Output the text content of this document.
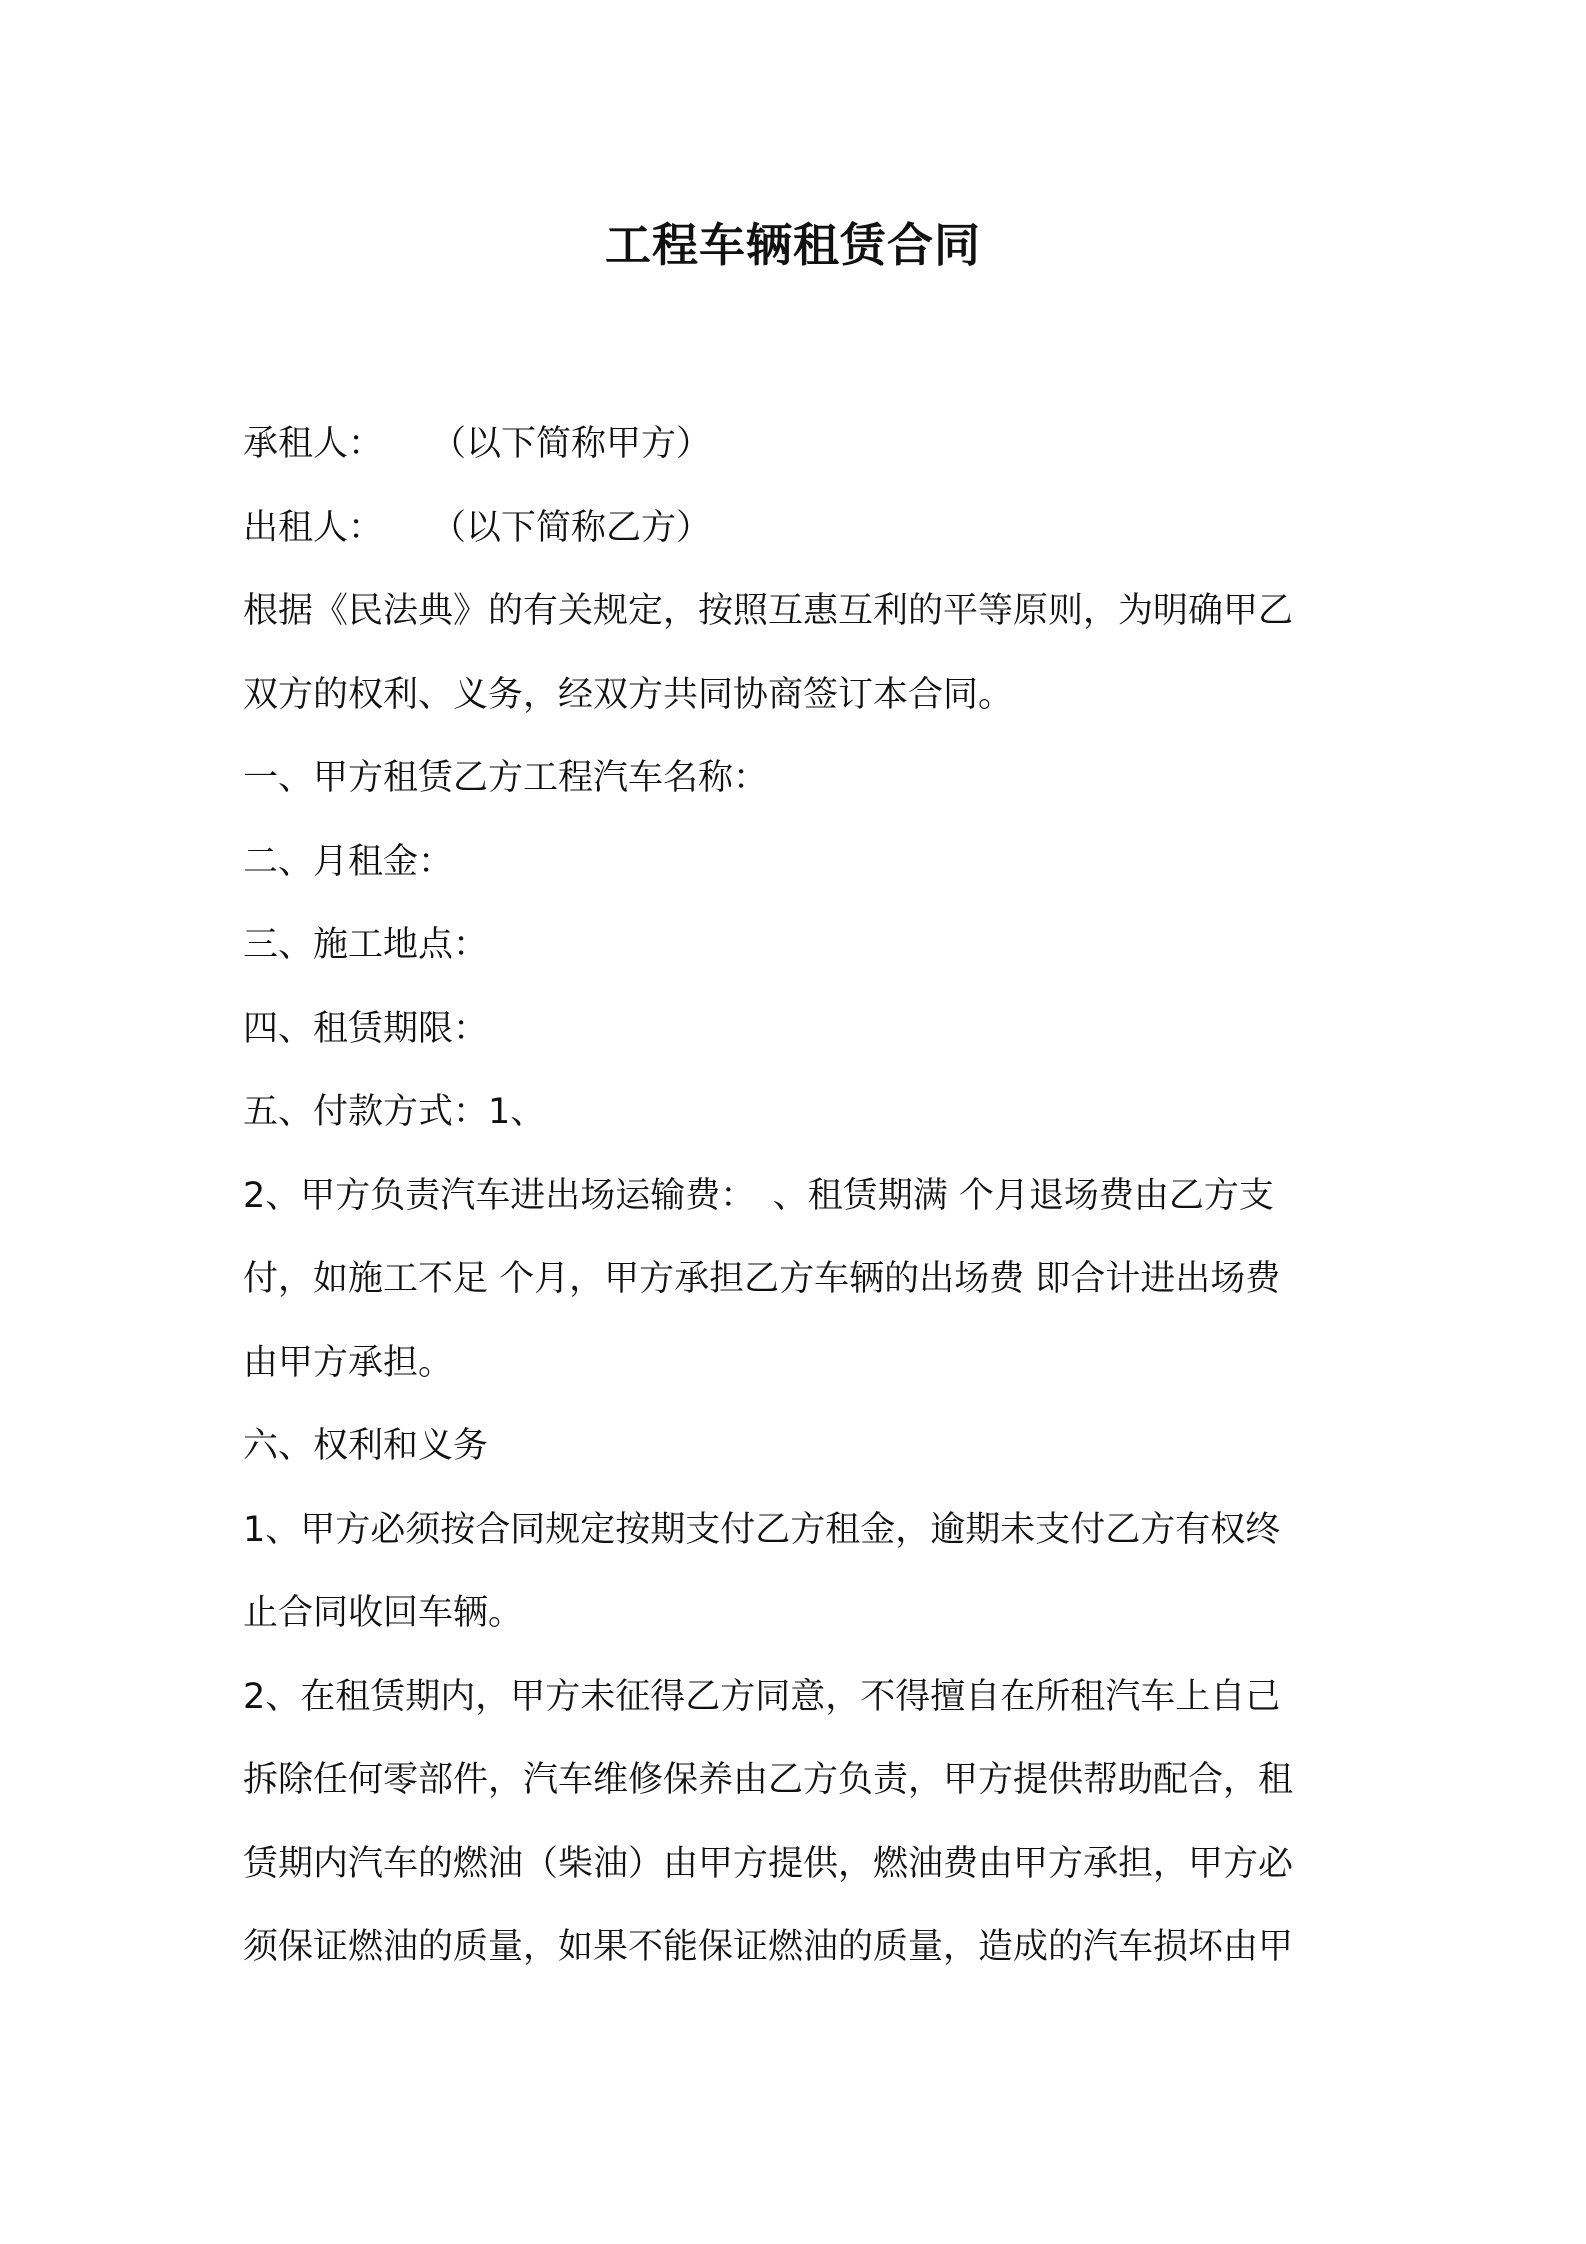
工程车辆租赁合同
承租人： （以下简称甲方）
出租人： （以下简称乙方）
根据《民法典》的有关规定，按照互惠互利的平等原则，为明确甲乙
双方的权利、义务，经双方共同协商签订本合同。
一、甲方租赁乙方工程汽车名称：
二、月租金：
三、施工地点：
四、租赁期限：
五、付款方式：1、
2、甲方负责汽车进出场运输费：　、租赁期满 个月退场费由乙方支
付，如施工不足 个月，甲方承担乙方车辆的出场费 即合计进出场费
由甲方承担。
六、权利和义务
1、甲方必须按合同规定按期支付乙方租金，逾期未支付乙方有权终
止合同收回车辆。
2、在租赁期内，甲方未征得乙方同意，不得擅自在所租汽车上自己
拆除任何零部件，汽车维修保养由乙方负责，甲方提供帮助配合，租
赁期内汽车的燃油（柴油）由甲方提供，燃油费由甲方承担，甲方必
须保证燃油的质量，如果不能保证燃油的质量，造成的汽车损坏由甲
